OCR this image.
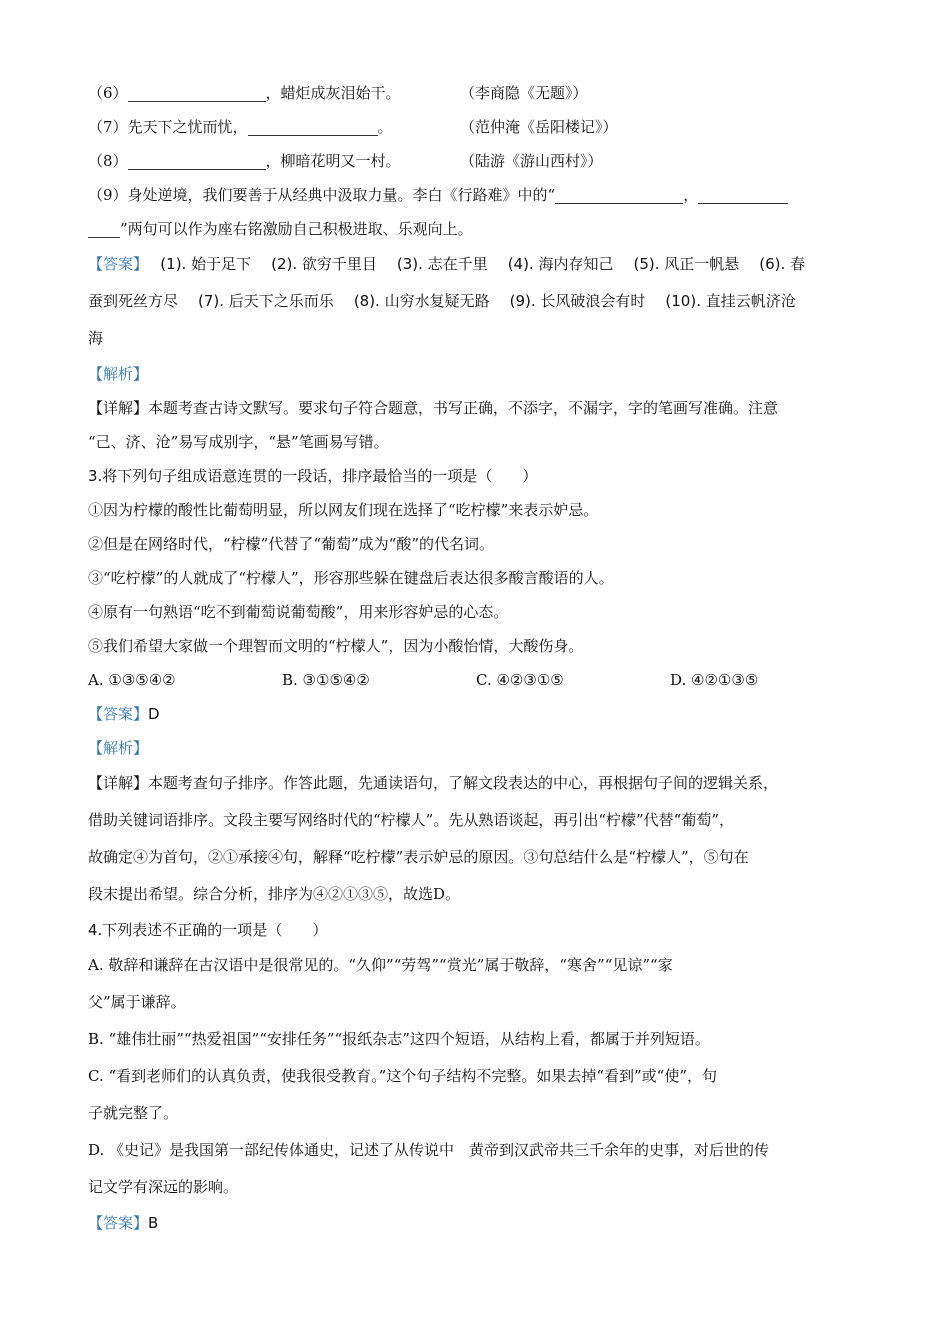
（6）	，蜡炬成灰泪始干。	（李商隐《无题》）
（7）先天下之忧而忧，	。	（范仲淹《岳阳楼记》）
（8）	，柳暗花明又一村。	（陆游《游山西村》）
（9）身处逆境，我们要善于从经典中汲取力量。李白《行路难》中的“	，
”两句可以作为座右铭激励自己积极进取、乐观向上。
【答案】　 (1). 始于足下 (2). 欲穷千里目 (3). 志在千里 (4). 海内存知己 (5). 风正一帆悬 (6). 春
蚕到死丝方尽 (7). 后天下之乐而乐 (8). 山穷水复疑无路 (9). 长风破浪会有时 (10). 直挂云帆济沧
海
【解析】
【详解】本题考查古诗文默写。要求句子符合题意，书写正确，不添字，不漏字，字的笔画写准确。注意
“己、济、沧”易写成别字，“悬”笔画易写错。
3.将下列句子组成语意连贯的一段话，排序最恰当的一项是（　　）
①因为柠檬的酸性比葡萄明显，所以网友们现在选择了“吃柠檬”来表示妒忌。
②但是在网络时代，“柠檬”代替了“葡萄”成为“酸”的代名词。
③“吃柠檬”的人就成了“柠檬人”，形容那些躲在键盘后表达很多酸言酸语的人。
④原有一句熟语“吃不到葡萄说葡萄酸”，用来形容妒忌的心态。
⑤我们希望大家做一个理智而文明的“柠檬人”，因为小酸怡情，大酸伤身。
A. ①③⑤④②	B. ③①⑤④②	C. ④②③①⑤	D. ④②①③⑤
【答案】D
【解析】
【详解】本题考查句子排序。作答此题，先通读语句，了解文段表达的中心，再根据句子间的逻辑关系，
借助关键词语排序。文段主要写网络时代的“柠檬人”。先从熟语谈起，再引出“柠檬”代替“葡萄”，
故确定④为首句，②①承接④句，解释“吃柠檬”表示妒忌的原因。③句总结什么是“柠檬人”，⑤句在
段末提出希望。综合分析，排序为④②①③⑤，故选D。
4.下列表述不正确的一项是（　　）
A. 敬辞和谦辞在古汉语中是很常见的。“久仰”“劳驾”“赏光”属于敬辞，“寒舍”“见谅”“家
父”属于谦辞。
B. “雄伟壮丽”“热爱祖国”“安排任务”“报纸杂志”这四个短语，从结构上看，都属于并列短语。
C. “看到老师们的认真负责，使我很受教育。”这个句子结构不完整。如果去掉“看到”或“使”，句
子就完整了。
D. 《史记》是我国第一部纪传体通史，记述了从传说中　黄帝到汉武帝共三千余年的史事，对后世的传
记文学有深远的影响。
【答案】B
